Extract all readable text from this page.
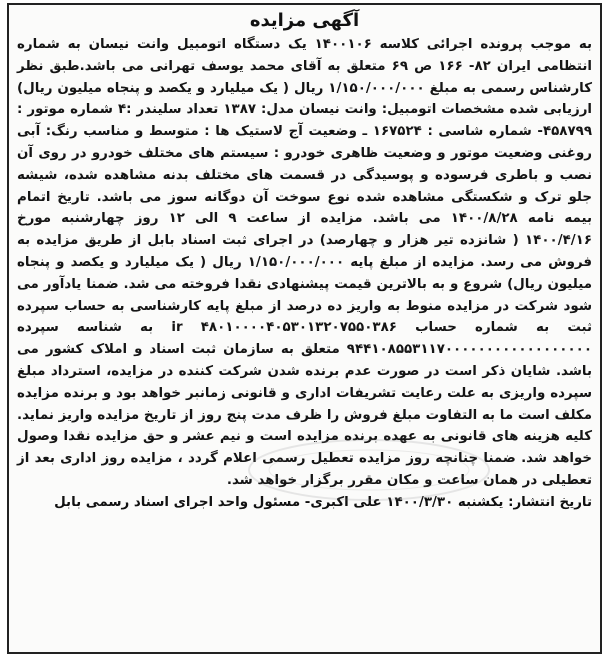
آگهی مزایده

به موجب پرونده اجرائی کلاسه ۱۴۰۰۱۰۶ یک دستگاه اتومبیل وانت نیسان به شماره انتظامی ایران ۸۲- ۱۶۶ ص ۶۹ متعلق به آقای محمد یوسف تهرانی می باشد.طبق نظر کارشناس رسمی به مبلغ ۱/۱۵۰/۰۰۰/۰۰۰ ریال ( یک میلیارد و یکصد و پنجاه میلیون ریال) ارزیابی شده مشخصات اتومبیل: وانت نیسان مدل: ۱۳۸۷ تعداد سلیندر :۴ شماره موتور : ۴۵۸۷۹۹- شماره شاسی : ۱۶۷۵۲۴ ـ وضعیت آج لاستیک ها : متوسط و مناسب رنگ: آبی روغنی وضعیت موتور و وضعیت ظاهری خودرو : سیستم های مختلف خودرو در روی آن نصب و باطری فرسوده و پوسیدگی در قسمت های مختلف بدنه مشاهده شده، شیشه جلو ترک و شکستگی مشاهده شده نوع سوخت آن دوگانه سوز می باشد. تاریخ اتمام بیمه نامه ۱۴۰۰/۸/۲۸ می باشد. مزایده از ساعت ۹ الی ۱۲ روز چهارشنبه مورخ ۱۴۰۰/۴/۱۶ ( شانزده تیر هزار و چهارصد) در اجرای ثبت اسناد بابل از طریق مزایده به فروش می رسد. مزایده از مبلغ پایه ۱/۱۵۰/۰۰۰/۰۰۰ ریال ( یک میلیارد و یکصد و پنجاه میلیون ریال) شروع و به بالاترین قیمت پیشنهادی نقدا فروخته می شد. ضمنا یادآور می شود شرکت در مزایده منوط به واریز ده درصد از مبلغ پایه کارشناسی به حساب سپرده ثبت به شماره حساب ir ۴۸۰۱۰۰۰۰۴۰۵۳۰۱۳۲۰۷۵۵۰۳۸۶ به شناسه سپرده ۹۴۴۱۰۸۵۵۳۱۱۷۰۰۰۰۰۰۰۰۰۰۰۰۰۰۰۰۰۰ متعلق به سازمان ثبت اسناد و املاک کشور می باشد. شایان ذکر است در صورت عدم برنده شدن شرکت کننده در مزایده، استرداد مبلغ سپرده واریزی به علت رعایت تشریفات اداری و قانونی زمانبر خواهد بود و برنده مزایده مکلف است ما به التفاوت مبلغ فروش را ظرف مدت پنج روز از تاریخ مزایده واریز نماید. کلیه هزینه های قانونی به عهده برنده مزایده است و نیم عشر و حق مزایده نقدا وصول خواهد شد. ضمنا چنانچه روز مزایده تعطیل رسمی اعلام گردد ، مزایده روز اداری بعد از تعطیلی در همان ساعت و مکان مقرر برگزار خواهد شد.

تاریخ انتشار: یکشنبه ۱۴۰۰/۳/۳۰ علی اکبری- مسئول واحد اجرای اسناد رسمی بابل
